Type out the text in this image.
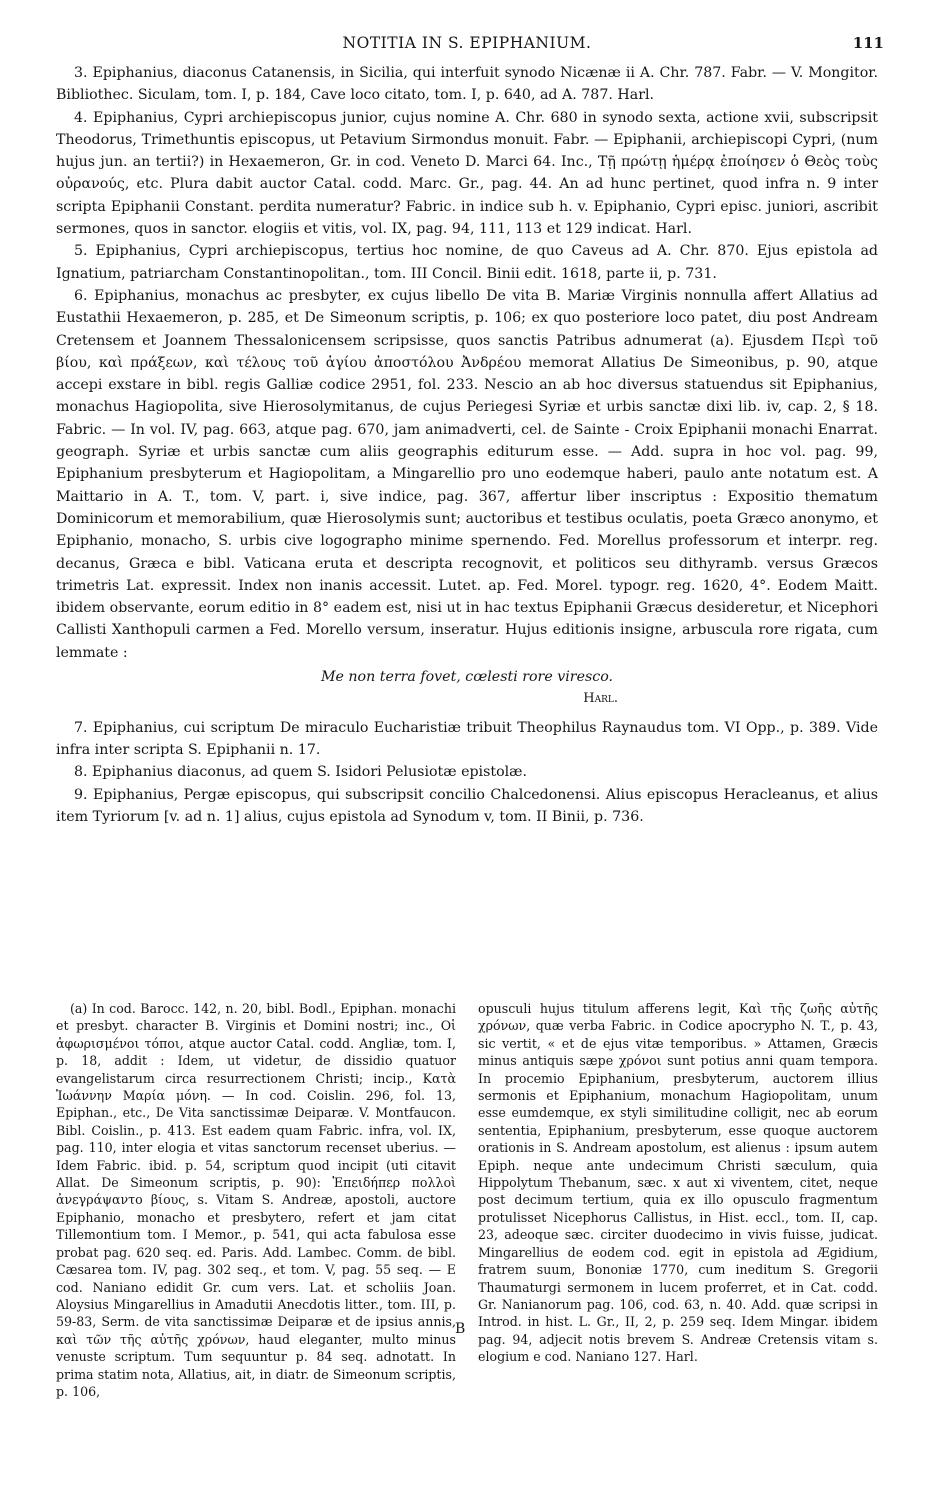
NOTITIA IN S. EPIPHANIUM.	111

3. Epiphanius, diaconus Catanensis, in Sicilia, qui interfuit synodo Nicænæ ii A. Chr. 787. Fabr. — V. Mongitor. Bibliothec. Siculam, tom. I, p. 184, Cave loco citato, tom. I, p. 640, ad A. 787. Harl.

4. Epiphanius, Cypri archiepiscopus junior, cujus nomine A. Chr. 680 in synodo sexta, actione xvii, subscripsit Theodorus, Trimethuntis episcopus, ut Petavium Sirmondus monuit. Fabr. — Epiphanii, archiepiscopi Cypri, (num hujus jun. an tertii?) in Hexaemeron, Gr. in cod. Veneto D. Marci 64. Inc., Τῇ πρώτῃ ἡμέρᾳ ἐποίησεν ὁ Θεὸς τοὺς οὐρανούς, etc. Plura dabit auctor Catal. codd. Marc. Gr., pag. 44. An ad hunc pertinet, quod infra n. 9 inter scripta Epiphanii Constant. perdita numeratur? Fabric. in indice sub h. v. Epiphanio, Cypri episc. juniori, ascribit sermones, quos in sanctor. elogiis et vitis, vol. IX, pag. 94, 111, 113 et 129 indicat. Harl.

5. Epiphanius, Cypri archiepiscopus, tertius hoc nomine, de quo Caveus ad A. Chr. 870. Ejus epistola ad Ignatium, patriarcham Constantinopolitan., tom. III Concil. Binii edit. 1618, parte ii, p. 731.

6. Epiphanius, monachus ac presbyter, ex cujus libello De vita B. Mariæ Virginis nonnulla affert Allatius ad Eustathii Hexaemeron, p. 285, et De Simeonum scriptis, p. 106; ex quo posteriore loco patet, diu post Andream Cretensem et Joannem Thessalonicensem scripsisse, quos sanctis Patribus adnumerat (a). Ejusdem Περὶ τοῦ βίου, καὶ πράξεων, καὶ τέλους τοῦ ἁγίου ἀποστόλου Ἀνδρέου memorat Allatius De Simeonibus, p. 90, atque accepi exstare in bibl. regis Galliæ codice 2951, fol. 233. Nescio an ab hoc diversus statuendus sit Epiphanius, monachus Hagiopolita, sive Hierosolymitanus, de cujus Periegesi Syriæ et urbis sanctæ dixi lib. iv, cap. 2, § 18. Fabric. — In vol. IV, pag. 663, atque pag. 670, jam animadverti, cel. de Sainte - Croix Epiphanii monachi Enarrat. geograph. Syriæ et urbis sanctæ cum aliis geographis editurum esse. — Add. supra in hoc vol. pag. 99, Epiphanium presbyterum et Hagiopolitam, a Mingarellio pro uno eodemque haberi, paulo ante notatum est. A Maittario in A. T., tom. V, part. i, sive indice, pag. 367, affertur liber inscriptus : Expositio thematum Dominicorum et memorabilium, quæ Hierosolymis sunt; auctoribus et testibus oculatis, poeta Græco anonymo, et Epiphanio, monacho, S. urbis cive logographo minime spernendo. Fed. Morellus professorum et interpr. reg. decanus, Græca e bibl. Vaticana eruta et descripta recognovit, et politicos seu dithyramb. versus Græcos trimetris Lat. expressit. Index non inanis accessit. Lutet. ap. Fed. Morel. typogr. reg. 1620, 4°. Eodem Maitt. ibidem observante, eorum editio in 8° eadem est, nisi ut in hac textus Epiphanii Græcus desideretur, et Nicephori Callisti Xanthopuli carmen a Fed. Morello versum, inseratur. Hujus editionis insigne, arbuscula rore rigata, cum lemmate :

Me non terra fovet, cœlesti rore viresco.

Harl.

7. Epiphanius, cui scriptum De miraculo Eucharistiæ tribuit Theophilus Raynaudus tom. VI Opp., p. 389. Vide infra inter scripta S. Epiphanii n. 17.

8. Epiphanius diaconus, ad quem S. Isidori Pelusiotæ epistolæ.

9. Epiphanius, Pergæ episcopus, qui subscripsit concilio Chalcedonensi. Alius episcopus Heracleanus, et alius item Tyriorum [v. ad n. 1] alius, cujus epistola ad Synodum v, tom. II Binii, p. 736.

(a) In cod. Barocc. 142, n. 20, bibl. Bodl., Epiphan. monachi et presbyt. character B. Virginis et Domini nostri; inc., Οἱ ἀφωρισμένοι τόποι, atque auctor Catal. codd. Angliæ, tom. I, p. 18, addit : Idem, ut videtur, de dissidio quatuor evangelistarum circa resurrectionem Christi; incip., Κατὰ Ἰωάννην Μαρία μόνη. — In cod. Coislin. 296, fol. 13, Epiphan., etc., De Vita sanctissimæ Deiparæ. V. Montfaucon. Bibl. Coislin., p. 413. Est eadem quam Fabric. infra, vol. IX, pag. 110, inter elogia et vitas sanctorum recenset uberius. — Idem Fabric. ibid. p. 54, scriptum quod incipit (uti citavit Allat. De Simeonum scriptis, p. 90): Ἐπειδήπερ πολλοὶ ἀνεγράψαντο βίους, s. Vitam S. Andreæ, apostoli, auctore Epiphanio, monacho et presbytero, refert et jam citat Tillemontium tom. I Memor., p. 541, qui acta fabulosa esse probat pag. 620 seq. ed. Paris. Add. Lambec. Comm. de bibl. Cæsarea tom. IV, pag. 302 seq., et tom. V, pag. 55 seq. — E cod. Naniano edidit Gr. cum vers. Lat. et scholiis Joan. Aloysius Mingarellius in Amadutii Anecdotis litter., tom. III, p. 59-83, Serm. de vita sanctissimæ Deiparæ et de ipsius annis, καὶ τῶν τῆς αὐτῆς χρόνων, haud eleganter, multo minus venuste scriptum. Tum sequuntur p. 84 seq. adnotatt. In prima statim nota, Allatius, ait, in diatr. de Simeonum scriptis, p. 106,

opusculi hujus titulum afferens legit, Καὶ τῆς ζωῆς αὐτῆς χρόνων, quæ verba Fabric. in Codice apocrypho N. T., p. 43, sic vertit, « et de ejus vitæ temporibus. » Attamen, Græcis minus antiquis sæpe χρόνοι sunt potius anni quam tempora. In procemio Epiphanium, presbyterum, auctorem illius sermonis et Epiphanium, monachum Hagiopolitam, unum esse eumdemque, ex styli similitudine colligit, nec ab eorum sententia, Epiphanium, presbyterum, esse quoque auctorem orationis in S. Andream apostolum, est alienus : ipsum autem Epiph. neque ante undecimum Christi sæculum, quia Hippolytum Thebanum, sæc. x aut xi viventem, citet, neque post decimum tertium, quia ex illo opusculo fragmentum protulisset Nicephorus Callistus, in Hist. eccl., tom. II, cap. 23, adeoque sæc. circiter duodecimo in vivis fuisse, judicat. Mingarellius de eodem cod. egit in epistola ad Ægidium, fratrem suum, Bononiæ 1770, cum ineditum S. Gregorii Thaumaturgi sermonem in lucem proferret, et in Cat. codd. Gr. Nanianorum pag. 106, cod. 63, n. 40. Add. quæ scripsi in Introd. in hist. L. Gr., II, 2, p. 259 seq. Idem Mingar. ibidem pag. 94, adjecit notis brevem S. Andreæ Cretensis vitam s. elogium e cod. Naniano 127. Harl.

B
